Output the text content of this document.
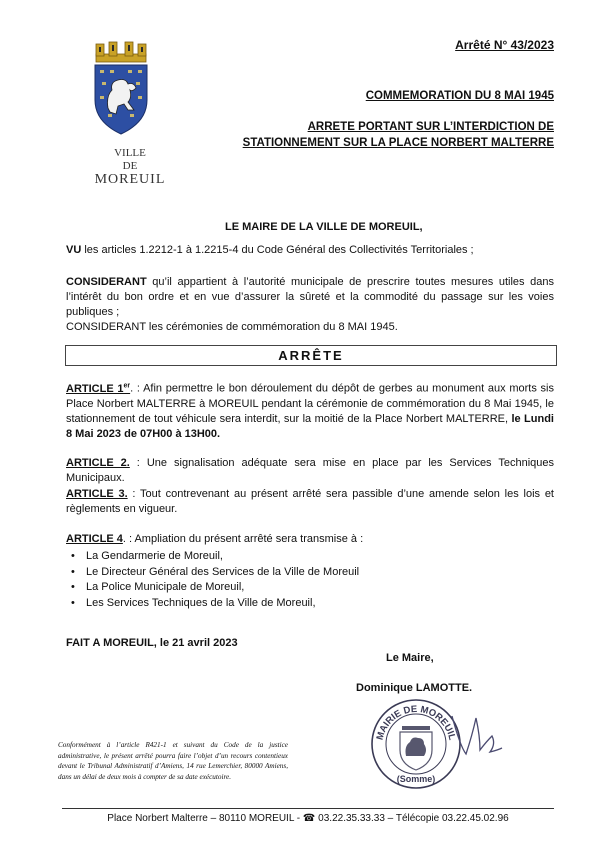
VILLE
DE
MOREUIL
Arrêté N° 43/2023
COMMEMORATION DU 8 MAI 1945
ARRETE PORTANT SUR L’INTERDICTION DE
STATIONNEMENT SUR LA PLACE NORBERT MALTERRE
LE MAIRE DE LA VILLE DE MOREUIL,

VU les articles 1.2212-1 à 1.2215-4 du Code Général des Collectivités Territoriales ;

CONSIDERANT qu’il appartient à l’autorité municipale de prescrire toutes mesures utiles dans l’intérêt du bon ordre et en vue d’assurer la sûreté et la commodité du passage sur les voies publiques ;

CONSIDERANT les cérémonies de commémoration du 8 MAI 1945.

ARRÊTE

ARTICLE 1er. : Afin permettre le bon déroulement du dépôt de gerbes au monument aux morts sis Place Norbert MALTERRE à MOREUIL pendant la cérémonie de commémoration du 8 Mai 1945, le stationnement de tout véhicule sera interdit, sur la moitié de la Place Norbert MALTERRE, le Lundi 8 Mai 2023 de 07H00 à 13H00.

ARTICLE 2. : Une signalisation adéquate sera mise en place par les Services Techniques Municipaux.

ARTICLE 3. : Tout contrevenant au présent arrêté sera passible d’une amende selon les lois et règlements en vigueur.

ARTICLE 4. : Ampliation du présent arrêté sera transmise à :

• La Gendarmerie de Moreuil,
• Le Directeur Général des Services de la Ville de Moreuil
• La Police Municipale de Moreuil,
• Les Services Techniques de la Ville de Moreuil,
FAIT A MOREUIL, le 21 avril 2023
Le Maire,
Dominique LAMOTTE.
MAIRIE DE MOREUIL
(Somme)
Conformément à l’article R421-1 et suivant du Code de la justice administrative, le présent arrêté pourra faire l’objet d’un recours contentieux devant le Tribunal Administratif d’Amiens, 14 rue Lemerchier, 80000 Amiens, dans un délai de deux mois à compter de sa date exécutoire.
Place Norbert Malterre – 80110 MOREUIL - ☎ 03.22.35.33.33 – Télécopie 03.22.45.02.96
